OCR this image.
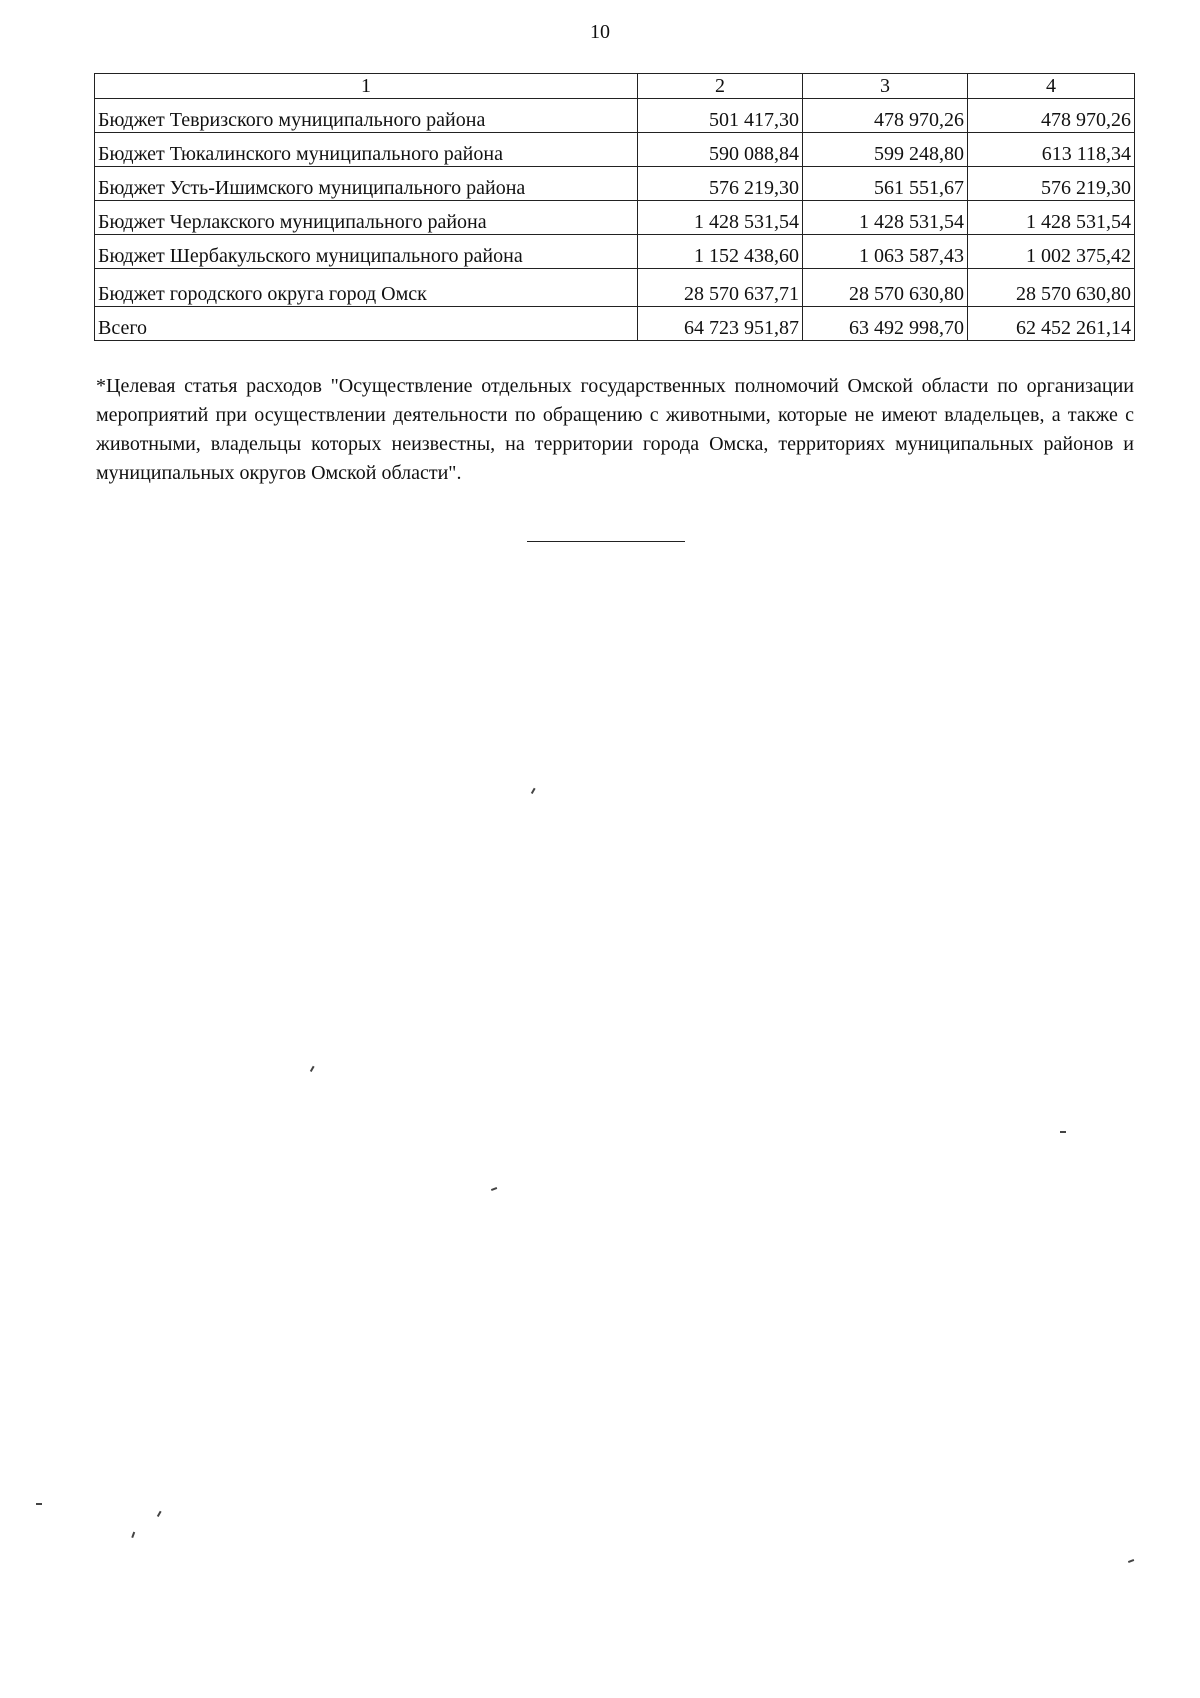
10
1	2	3	4
Бюджет Тевризского муниципального района	501 417,30	478 970,26	478 970,26
Бюджет Тюкалинского муниципального района	590 088,84	599 248,80	613 118,34
Бюджет Усть-Ишимского муниципального района	576 219,30	561 551,67	576 219,30
Бюджет Черлакского муниципального района	1 428 531,54	1 428 531,54	1 428 531,54
Бюджет Шербакульского муниципального района	1 152 438,60	1 063 587,43	1 002 375,42
Бюджет городского округа город Омск	28 570 637,71	28 570 630,80	28 570 630,80
Всего	64 723 951,87	63 492 998,70	62 452 261,14

*Целевая статья расходов "Осуществление отдельных государственных полномочий Омской области по организации мероприятий при осуществлении деятельности по обращению с животными, которые не имеют владельцев, а также с животными, владельцы которых неизвестны, на территории города Омска, территориях муниципальных районов и муниципальных округов Омской области".
